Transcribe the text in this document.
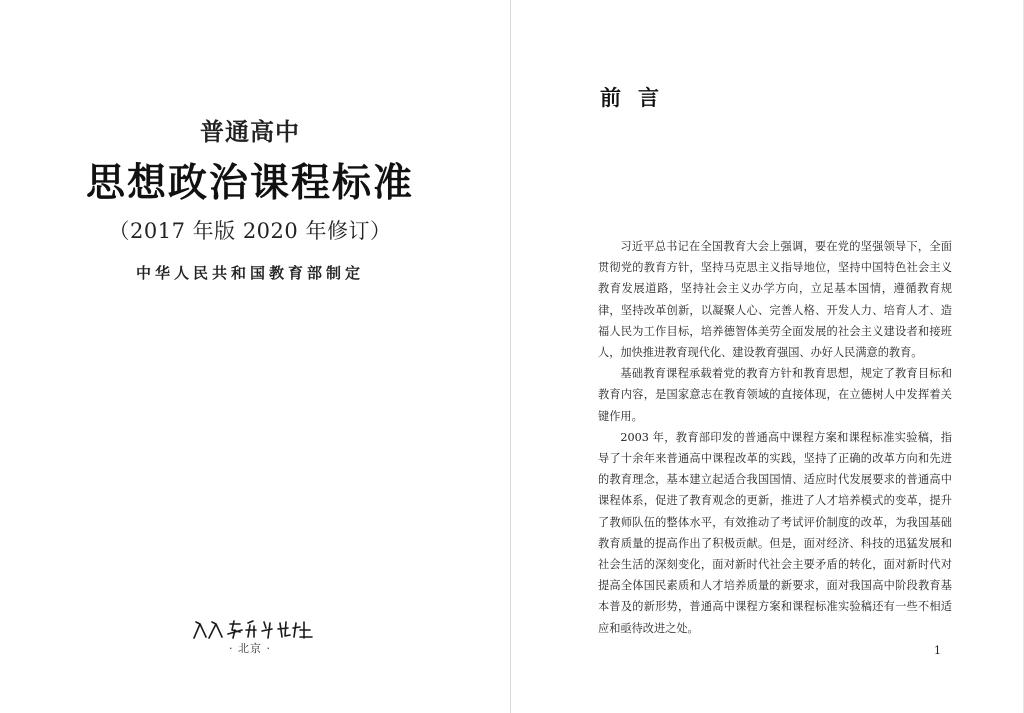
普通高中
思想政治课程标准
（2017 年版 2020 年修订）
中华人民共和国教育部制定
人民教育出版社
· 北京 ·
前言

习近平总书记在全国教育大会上强调，要在党的坚强领导下，全面贯彻党的教育方针，坚持马克思主义指导地位，坚持中国特色社会主义教育发展道路，坚持社会主义办学方向，立足基本国情，遵循教育规律，坚持改革创新，以凝聚人心、完善人格、开发人力、培育人才、造福人民为工作目标，培养德智体美劳全面发展的社会主义建设者和接班人，加快推进教育现代化、建设教育强国、办好人民满意的教育。

基础教育课程承载着党的教育方针和教育思想，规定了教育目标和教育内容，是国家意志在教育领域的直接体现，在立德树人中发挥着关键作用。

2003 年，教育部印发的普通高中课程方案和课程标准实验稿，指导了十余年来普通高中课程改革的实践，坚持了正确的改革方向和先进的教育理念，基本建立起适合我国国情、适应时代发展要求的普通高中课程体系，促进了教育观念的更新，推进了人才培养模式的变革，提升了教师队伍的整体水平，有效推动了考试评价制度的改革，为我国基础教育质量的提高作出了积极贡献。但是，面对经济、科技的迅猛发展和社会生活的深刻变化，面对新时代社会主要矛盾的转化，面对新时代对提高全体国民素质和人才培养质量的新要求，面对我国高中阶段教育基本普及的新形势，普通高中课程方案和课程标准实验稿还有一些不相适应和亟待改进之处。

1
